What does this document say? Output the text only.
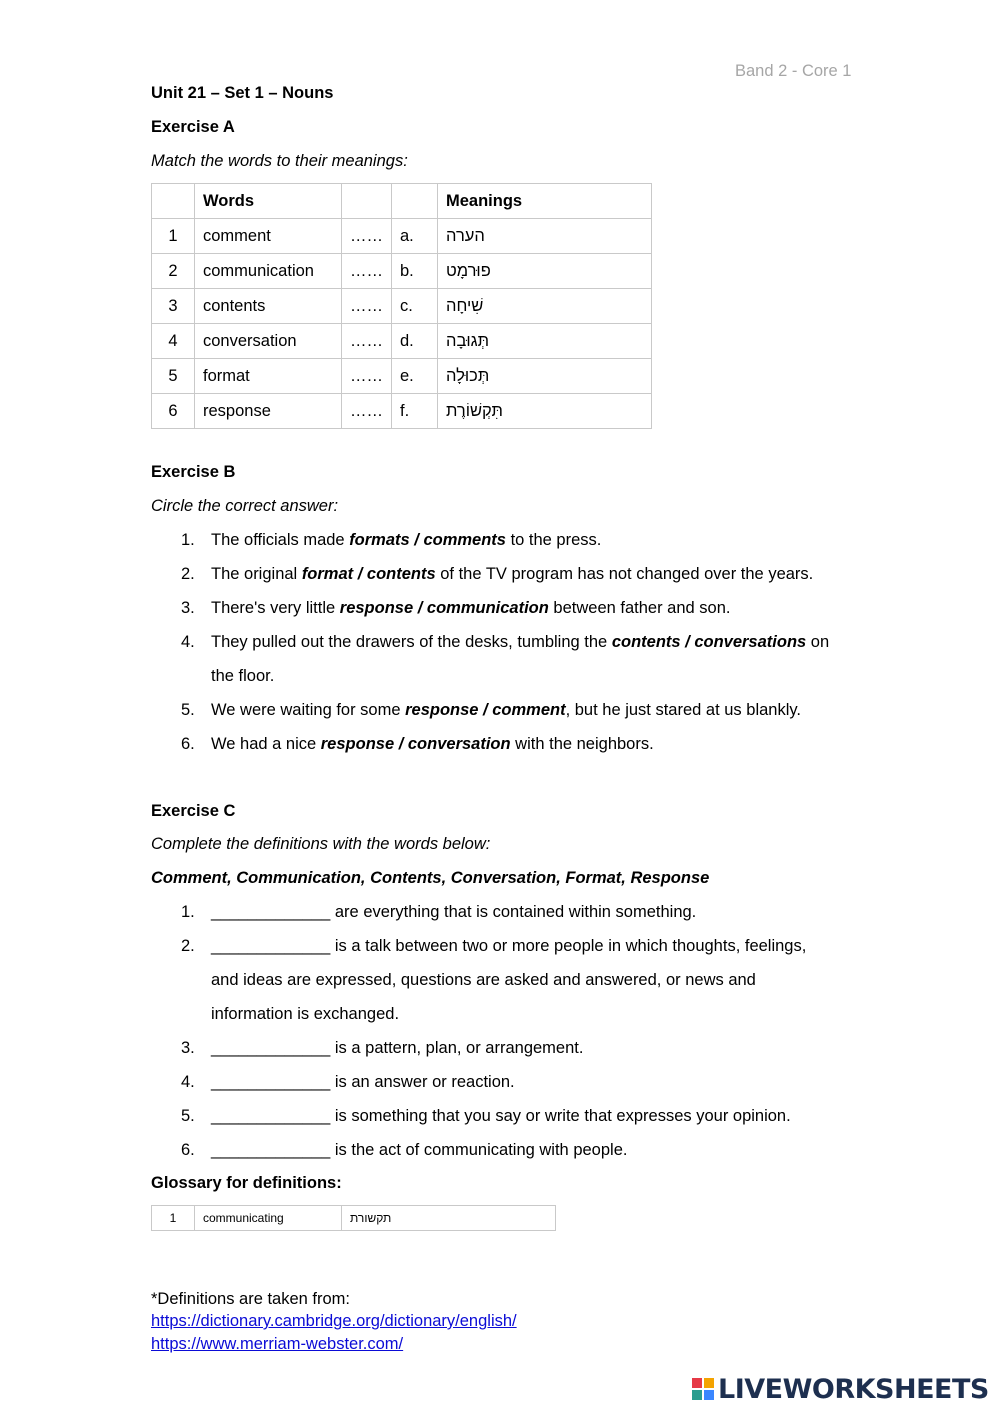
Band 2 - Core 1
Unit 21 – Set 1 – Nouns
Exercise A
Match the words to their meanings:
	Words			Meanings
1	comment	……	a.	הערה
2	communication	……	b.	פוּרמָט
3	contents	……	c.	שִׁיחָה
4	conversation	……	d.	תְּגוּבָה
5	format	……	e.	תְּכוּלָה
6	response	……	f.	תִּקְשׁוֹרֶת
Exercise B
Circle the correct answer:
1. The officials made formats / comments to the press.
2. The original format / contents of the TV program has not changed over the years.
3. There's very little response / communication between father and son.
4. They pulled out the drawers of the desks, tumbling the contents / conversations on
the floor.
5. We were waiting for some response / comment, but he just stared at us blankly.
6. We had a nice response / conversation with the neighbors.
Exercise C
Complete the definitions with the words below:
Comment, Communication, Contents, Conversation, Format, Response
1. _____________ are everything that is contained within something.
2. _____________ is a talk between two or more people in which thoughts, feelings,
and ideas are expressed, questions are asked and answered, or news and
information is exchanged.
3. _____________ is a pattern, plan, or arrangement.
4. _____________ is an answer or reaction.
5. _____________ is something that you say or write that expresses your opinion.
6. _____________ is the act of communicating with people.
Glossary for definitions:
1	communicating	תקשורת
*Definitions are taken from:
https://dictionary.cambridge.org/dictionary/english/
https://www.merriam-webster.com/
LIVEWORKSHEETS
